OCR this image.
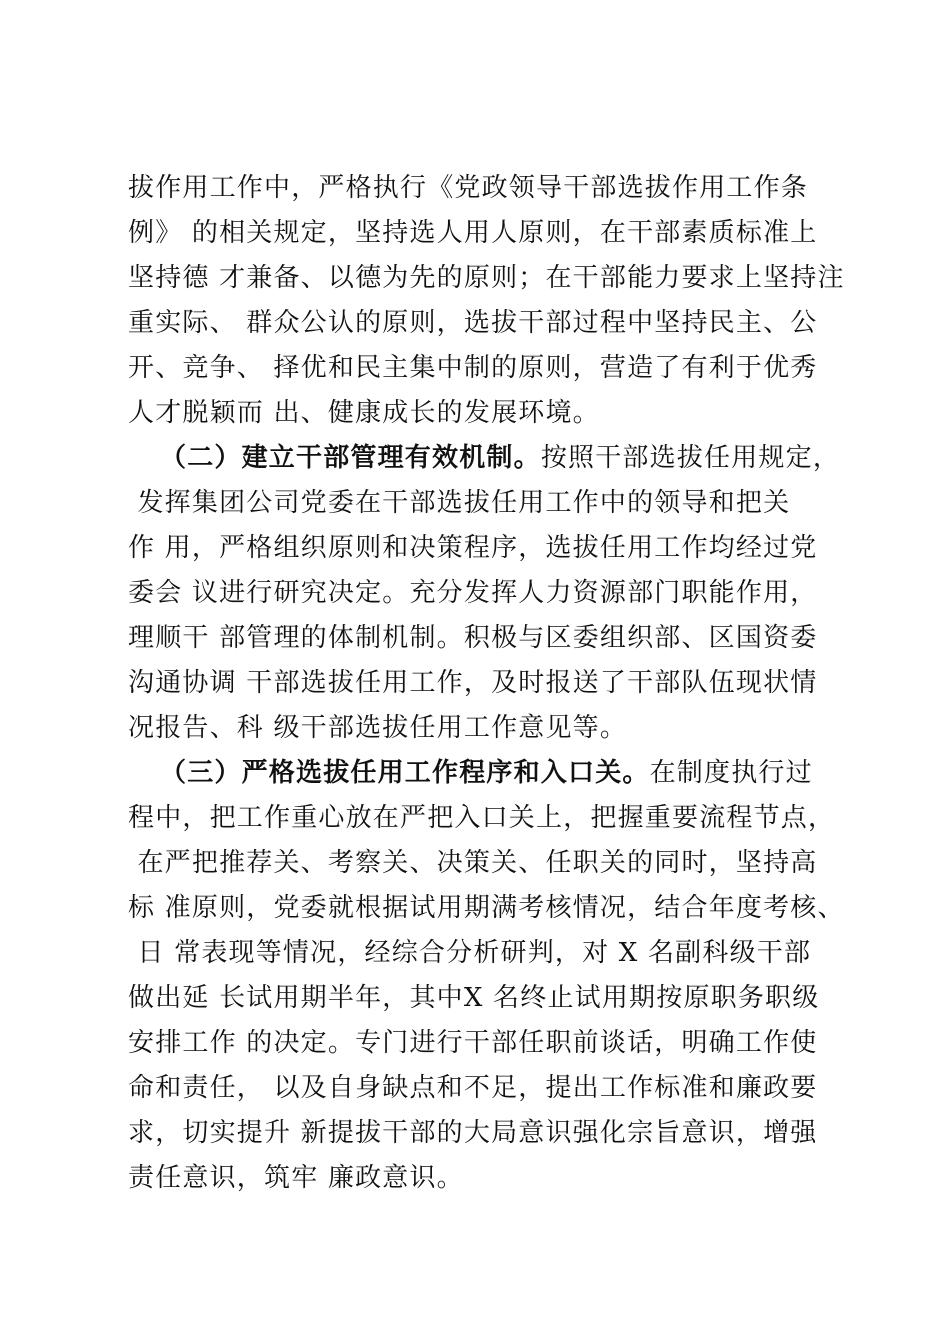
拔作用工作中，严格执行《党政领导干部选拔作用工作条
例》 的相关规定，坚持选人用人原则，在干部素质标准上
坚持德 才兼备、以德为先的原则；在干部能力要求上坚持注
重实际、 群众公认的原则，选拔干部过程中坚持民主、公
开、竞争、 择优和民主集中制的原则，营造了有利于优秀
人才脱颖而 出、健康成长的发展环境。
（二）建立干部管理有效机制。按照干部选拔任用规定，
发挥集团公司党委在干部选拔任用工作中的领导和把关
作 用，严格组织原则和决策程序，选拔任用工作均经过党
委会 议进行研究决定。充分发挥人力资源部门职能作用，
理顺干 部管理的体制机制。积极与区委组织部、区国资委
沟通协调 干部选拔任用工作，及时报送了干部队伍现状情
况报告、科 级干部选拔任用工作意见等。
（三）严格选拔任用工作程序和入口关。在制度执行过
程中，把工作重心放在严把入口关上，把握重要流程节点，
在严把推荐关、考察关、决策关、任职关的同时，坚持高
标 准原则，党委就根据试用期满考核情况，结合年度考核、
日 常表现等情况，经综合分析研判，对 X 名副科级干部
做出延 长试用期半年，其中X 名终止试用期按原职务职级
安排工作 的决定。专门进行干部任职前谈话，明确工作使
命和责任， 以及自身缺点和不足，提出工作标准和廉政要
求，切实提升 新提拔干部的大局意识强化宗旨意识，增强
责任意识，筑牢 廉政意识。
